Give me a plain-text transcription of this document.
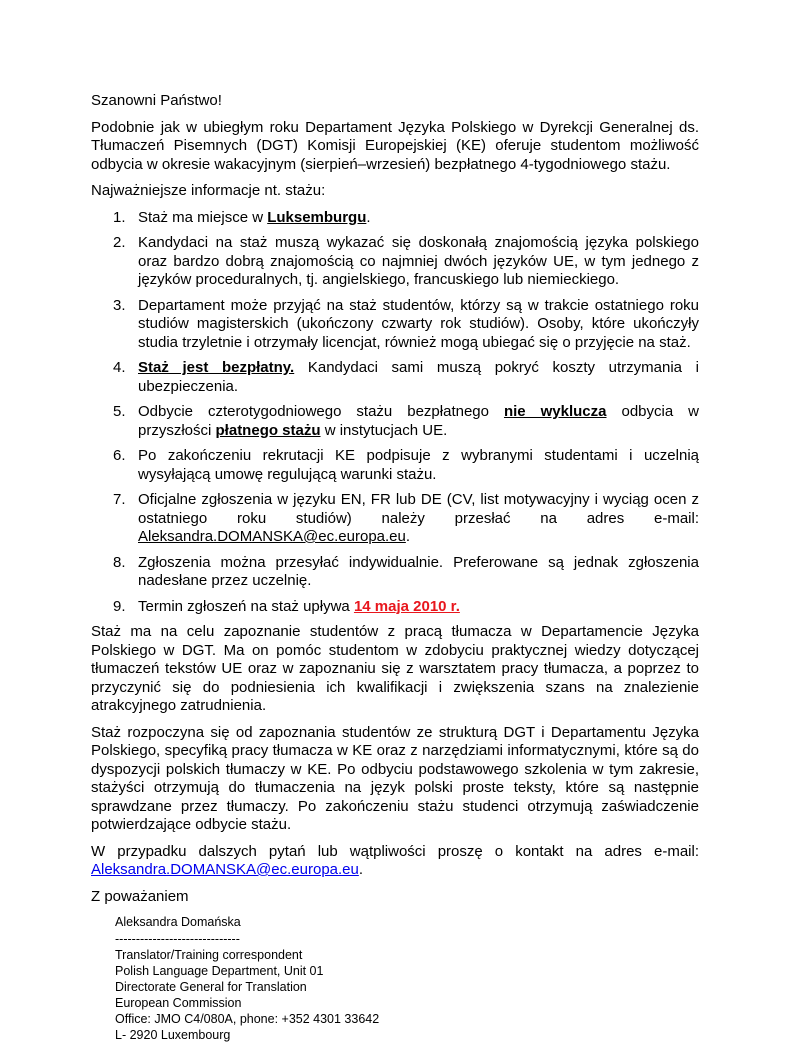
Szanowni Państwo!

Podobnie jak w ubiegłym roku Departament Języka Polskiego w Dyrekcji Generalnej ds. Tłumaczeń Pisemnych (DGT) Komisji Europejskiej (KE) oferuje studentom możliwość odbycia w okresie wakacyjnym (sierpień–wrzesień) bezpłatnego 4-tygodniowego stażu.

Najważniejsze informacje nt. stażu:

1. Staż ma miejsce w Luksemburgu.
2. Kandydaci na staż muszą wykazać się doskonałą znajomością języka polskiego oraz bardzo dobrą znajomością co najmniej dwóch języków UE, w tym jednego z języków proceduralnych, tj. angielskiego, francuskiego lub niemieckiego.
3. Departament może przyjąć na staż studentów, którzy są w trakcie ostatniego roku studiów magisterskich (ukończony czwarty rok studiów). Osoby, które ukończyły studia trzyletnie i otrzymały licencjat, również mogą ubiegać się o przyjęcie na staż.
4. Staż jest bezpłatny. Kandydaci sami muszą pokryć koszty utrzymania i ubezpieczenia.
5. Odbycie czterotygodniowego stażu bezpłatnego nie wyklucza odbycia w przyszłości płatnego stażu w instytucjach UE.
6. Po zakończeniu rekrutacji KE podpisuje z wybranymi studentami i uczelnią wysyłającą umowę regulującą warunki stażu.
7. Oficjalne zgłoszenia w języku EN, FR lub DE (CV, list motywacyjny i wyciąg ocen z ostatniego roku studiów) należy przesłać na adres e-mail: Aleksandra.DOMANSKA@ec.europa.eu.
8. Zgłoszenia można przesyłać indywidualnie. Preferowane są jednak zgłoszenia nadesłane przez uczelnię.
9. Termin zgłoszeń na staż upływa 14 maja 2010 r.

Staż ma na celu zapoznanie studentów z pracą tłumacza w Departamencie Języka Polskiego w DGT. Ma on pomóc studentom w zdobyciu praktycznej wiedzy dotyczącej tłumaczeń tekstów UE oraz w zapoznaniu się z warsztatem pracy tłumacza, a poprzez to przyczynić się do podniesienia ich kwalifikacji i zwiększenia szans na znalezienie atrakcyjnego zatrudnienia.

Staż rozpoczyna się od zapoznania studentów ze strukturą DGT i Departamentu Języka Polskiego, specyfiką pracy tłumacza w KE oraz z narzędziami informatycznymi, które są do dyspozycji polskich tłumaczy w KE. Po odbyciu podstawowego szkolenia w tym zakresie, stażyści otrzymują do tłumaczenia na język polski proste teksty, które są następnie sprawdzane przez tłumaczy. Po zakończeniu stażu studenci otrzymują zaświadczenie potwierdzające odbycie stażu.

W przypadku dalszych pytań lub wątpliwości proszę o kontakt na adres e-mail: Aleksandra.DOMANSKA@ec.europa.eu.

Z poważaniem

Aleksandra Domańska
------------------------------
Translator/Training correspondent
Polish Language Department, Unit 01
Directorate General for Translation
European Commission
Office: JMO C4/080A, phone: +352 4301 33642
L- 2920 Luxembourg
